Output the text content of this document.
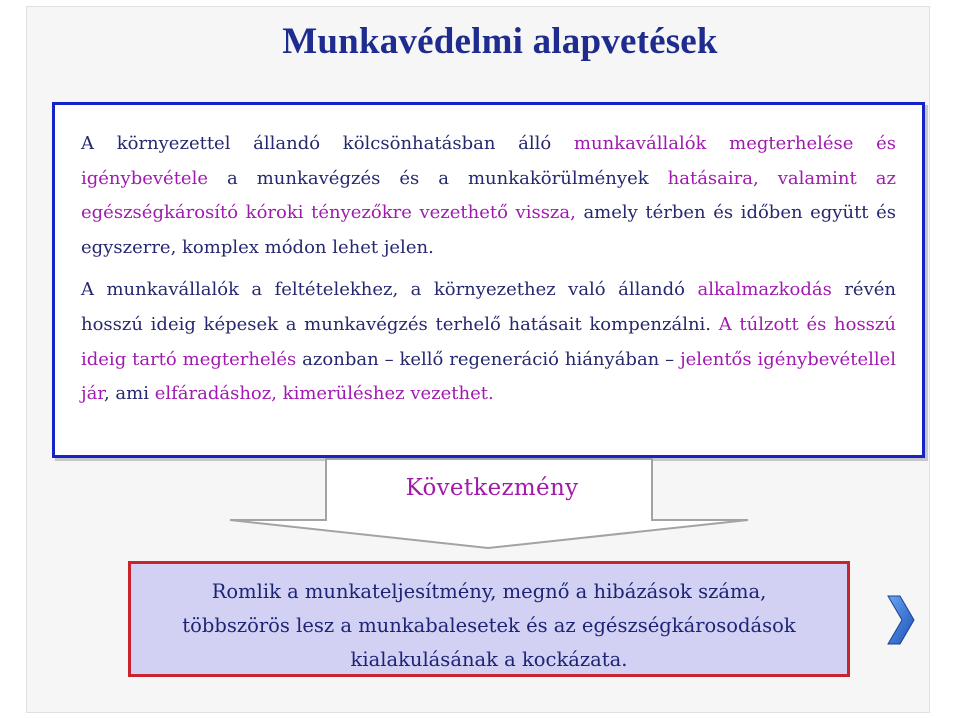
Munkavédelmi alapvetések

A környezettel állandó kölcsönhatásban álló munkavállalók megterhelése és igénybevétele a munkavégzés és a munkakörülmények hatásaira, valamint az egészségkárosító kóroki tényezőkre vezethető vissza, amely térben és időben együtt és egyszerre, komplex módon lehet jelen.

A munkavállalók a feltételekhez, a környezethez való állandó alkalmazkodás révén hosszú ideig képesek a munkavégzés terhelő hatásait kompenzálni. A túlzott és hosszú ideig tartó megterhelés azonban – kellő regeneráció hiányában – jelentős igénybevétellel jár, ami elfáradáshoz, kimerüléshez vezethet.

Következmény
Romlik a munkateljesítmény, megnő a hibázások száma,
többszörös lesz a munkabalesetek és az egészségkárosodások
kialakulásának a kockázata.
